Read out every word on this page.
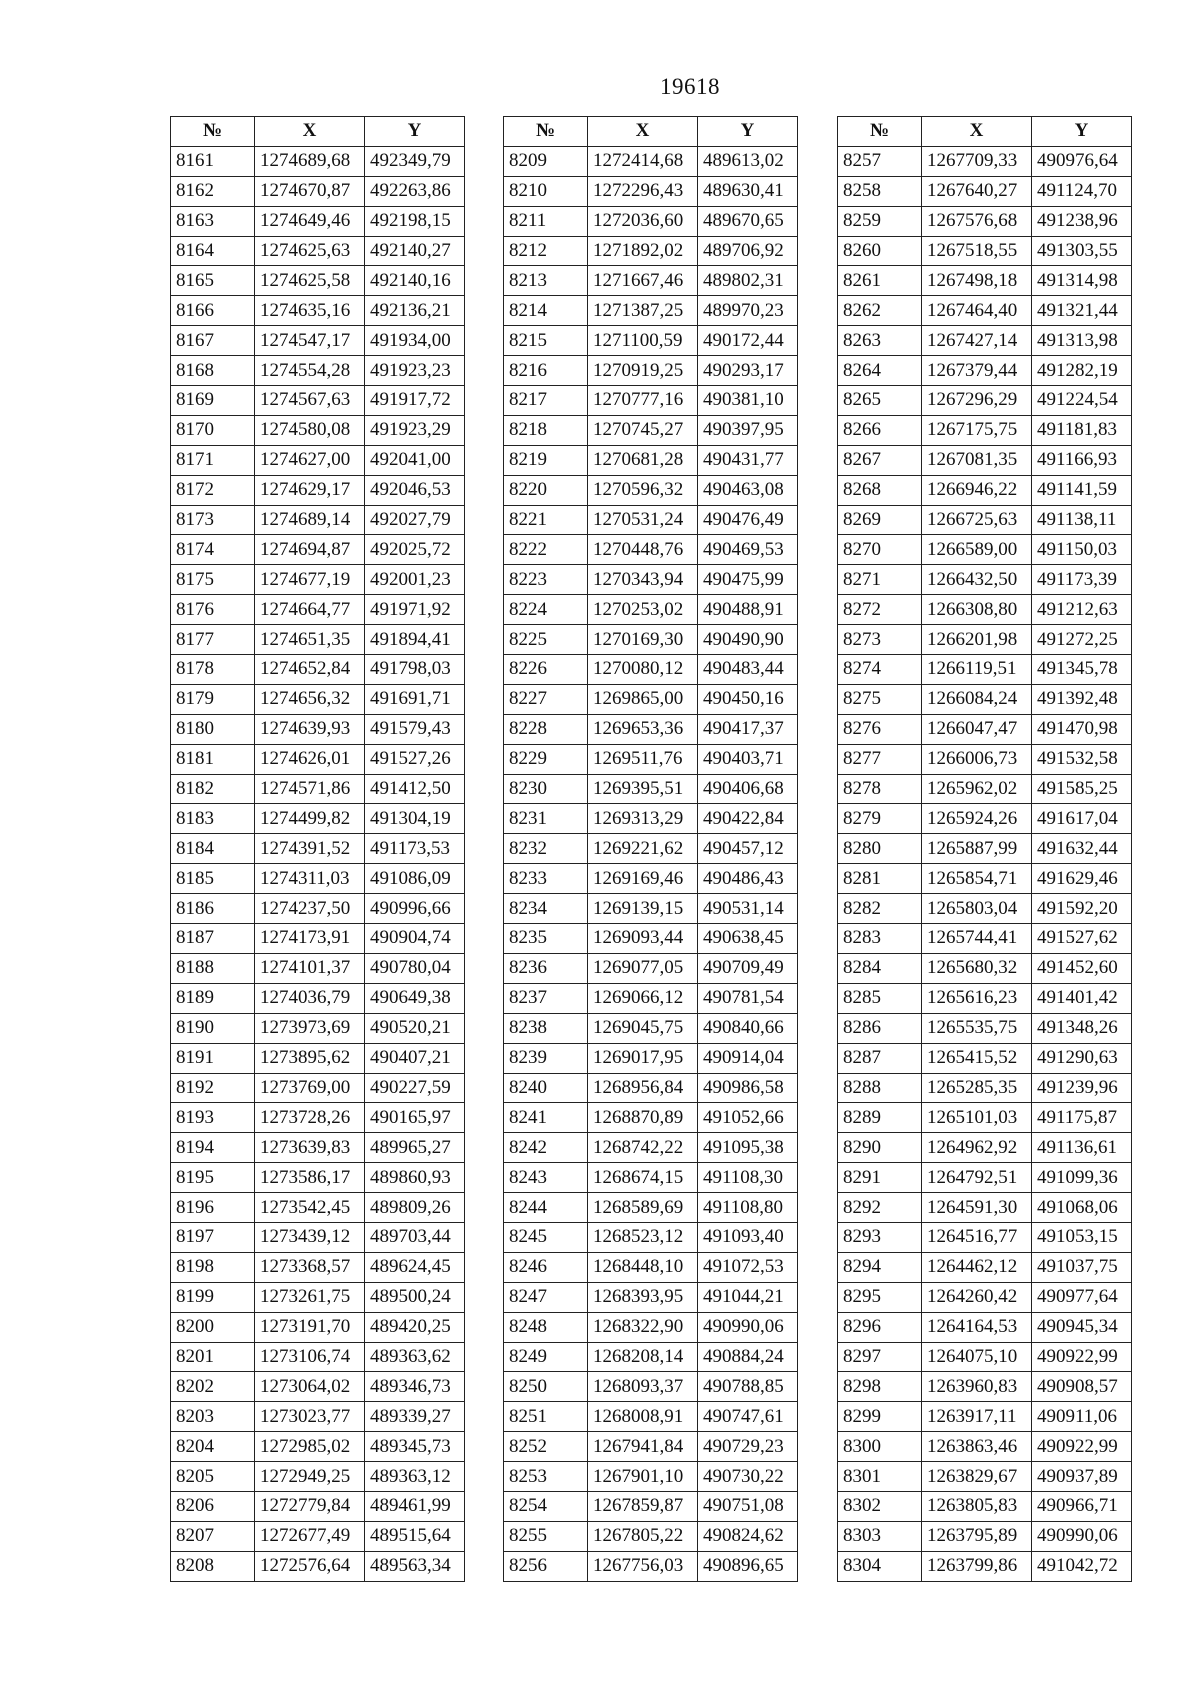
19618
№	X	Y
8161	1274689,68	492349,79
8162	1274670,87	492263,86
8163	1274649,46	492198,15
8164	1274625,63	492140,27
8165	1274625,58	492140,16
8166	1274635,16	492136,21
8167	1274547,17	491934,00
8168	1274554,28	491923,23
8169	1274567,63	491917,72
8170	1274580,08	491923,29
8171	1274627,00	492041,00
8172	1274629,17	492046,53
8173	1274689,14	492027,79
8174	1274694,87	492025,72
8175	1274677,19	492001,23
8176	1274664,77	491971,92
8177	1274651,35	491894,41
8178	1274652,84	491798,03
8179	1274656,32	491691,71
8180	1274639,93	491579,43
8181	1274626,01	491527,26
8182	1274571,86	491412,50
8183	1274499,82	491304,19
8184	1274391,52	491173,53
8185	1274311,03	491086,09
8186	1274237,50	490996,66
8187	1274173,91	490904,74
8188	1274101,37	490780,04
8189	1274036,79	490649,38
8190	1273973,69	490520,21
8191	1273895,62	490407,21
8192	1273769,00	490227,59
8193	1273728,26	490165,97
8194	1273639,83	489965,27
8195	1273586,17	489860,93
8196	1273542,45	489809,26
8197	1273439,12	489703,44
8198	1273368,57	489624,45
8199	1273261,75	489500,24
8200	1273191,70	489420,25
8201	1273106,74	489363,62
8202	1273064,02	489346,73
8203	1273023,77	489339,27
8204	1272985,02	489345,73
8205	1272949,25	489363,12
8206	1272779,84	489461,99
8207	1272677,49	489515,64
8208	1272576,64	489563,34
№	X	Y
8209	1272414,68	489613,02
8210	1272296,43	489630,41
8211	1272036,60	489670,65
8212	1271892,02	489706,92
8213	1271667,46	489802,31
8214	1271387,25	489970,23
8215	1271100,59	490172,44
8216	1270919,25	490293,17
8217	1270777,16	490381,10
8218	1270745,27	490397,95
8219	1270681,28	490431,77
8220	1270596,32	490463,08
8221	1270531,24	490476,49
8222	1270448,76	490469,53
8223	1270343,94	490475,99
8224	1270253,02	490488,91
8225	1270169,30	490490,90
8226	1270080,12	490483,44
8227	1269865,00	490450,16
8228	1269653,36	490417,37
8229	1269511,76	490403,71
8230	1269395,51	490406,68
8231	1269313,29	490422,84
8232	1269221,62	490457,12
8233	1269169,46	490486,43
8234	1269139,15	490531,14
8235	1269093,44	490638,45
8236	1269077,05	490709,49
8237	1269066,12	490781,54
8238	1269045,75	490840,66
8239	1269017,95	490914,04
8240	1268956,84	490986,58
8241	1268870,89	491052,66
8242	1268742,22	491095,38
8243	1268674,15	491108,30
8244	1268589,69	491108,80
8245	1268523,12	491093,40
8246	1268448,10	491072,53
8247	1268393,95	491044,21
8248	1268322,90	490990,06
8249	1268208,14	490884,24
8250	1268093,37	490788,85
8251	1268008,91	490747,61
8252	1267941,84	490729,23
8253	1267901,10	490730,22
8254	1267859,87	490751,08
8255	1267805,22	490824,62
8256	1267756,03	490896,65
№	X	Y
8257	1267709,33	490976,64
8258	1267640,27	491124,70
8259	1267576,68	491238,96
8260	1267518,55	491303,55
8261	1267498,18	491314,98
8262	1267464,40	491321,44
8263	1267427,14	491313,98
8264	1267379,44	491282,19
8265	1267296,29	491224,54
8266	1267175,75	491181,83
8267	1267081,35	491166,93
8268	1266946,22	491141,59
8269	1266725,63	491138,11
8270	1266589,00	491150,03
8271	1266432,50	491173,39
8272	1266308,80	491212,63
8273	1266201,98	491272,25
8274	1266119,51	491345,78
8275	1266084,24	491392,48
8276	1266047,47	491470,98
8277	1266006,73	491532,58
8278	1265962,02	491585,25
8279	1265924,26	491617,04
8280	1265887,99	491632,44
8281	1265854,71	491629,46
8282	1265803,04	491592,20
8283	1265744,41	491527,62
8284	1265680,32	491452,60
8285	1265616,23	491401,42
8286	1265535,75	491348,26
8287	1265415,52	491290,63
8288	1265285,35	491239,96
8289	1265101,03	491175,87
8290	1264962,92	491136,61
8291	1264792,51	491099,36
8292	1264591,30	491068,06
8293	1264516,77	491053,15
8294	1264462,12	491037,75
8295	1264260,42	490977,64
8296	1264164,53	490945,34
8297	1264075,10	490922,99
8298	1263960,83	490908,57
8299	1263917,11	490911,06
8300	1263863,46	490922,99
8301	1263829,67	490937,89
8302	1263805,83	490966,71
8303	1263795,89	490990,06
8304	1263799,86	491042,72
